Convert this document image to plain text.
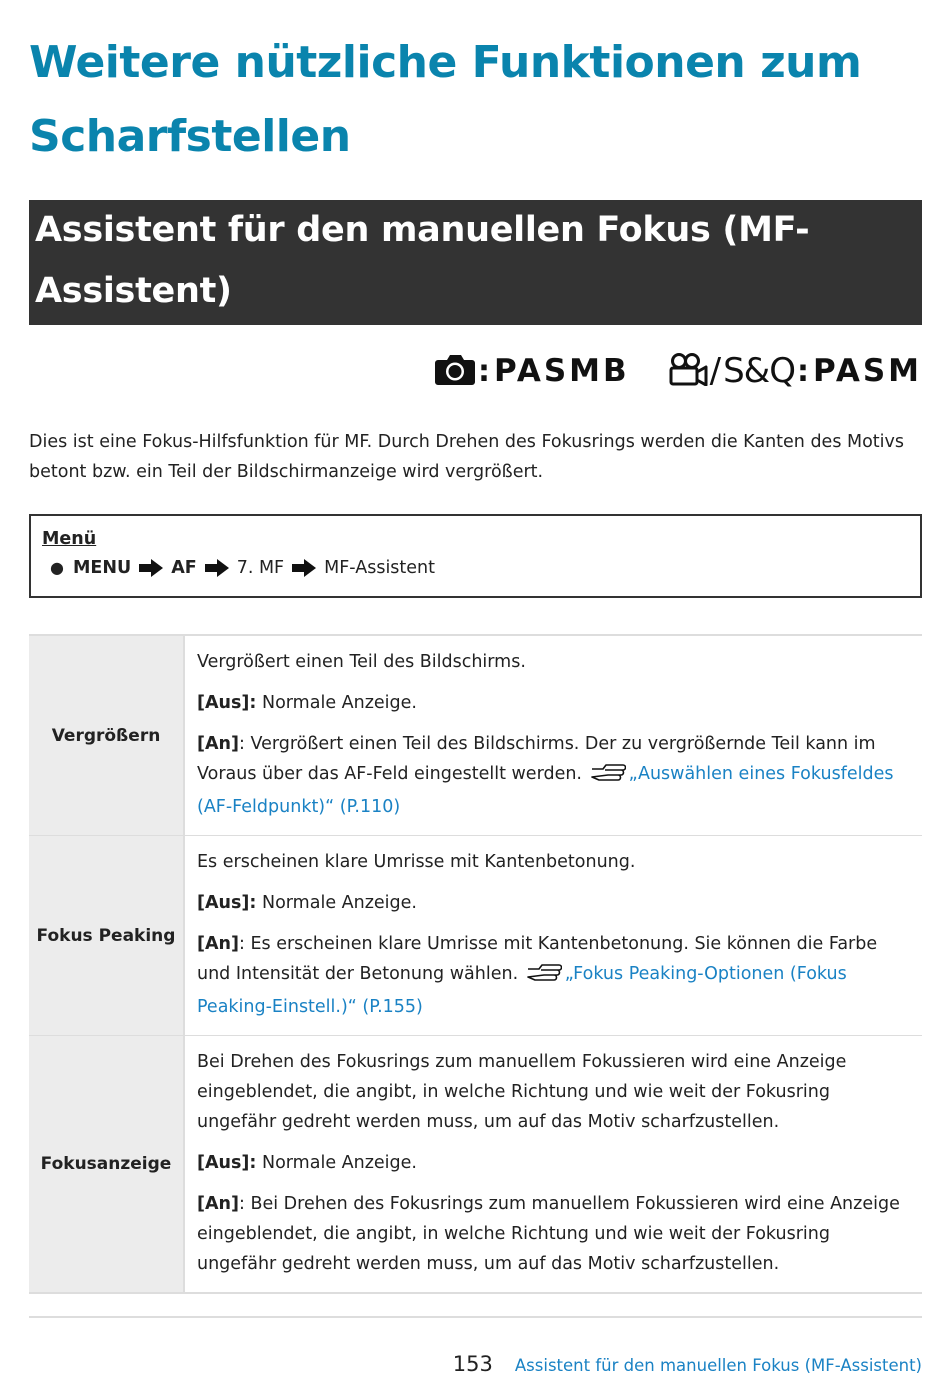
Weitere nützliche Funktionen zum Scharfstellen
Assistent für den manuellen Fokus (MF-Assistent)
: PASMB / S&Q : PASM

Dies ist eine Fokus-Hilfsfunktion für MF. Durch Drehen des Fokusrings werden die Kanten des Motivs betont bzw. ein Teil der Bildschirmanzeige wird vergrößert.

Menü
● MENU AF 7. MF MF-Assistent
Vergrößern	Vergrößert einen Teil des Bildschirms.

[Aus]: Normale Anzeige.

[An]: Vergrößert einen Teil des Bildschirms. Der zu vergrößernde Teil kann im Voraus über das AF-Feld eingestellt werden. „Auswählen eines Fokusfeldes (AF-Feldpunkt)“ (P.110)

Fokus Peaking	Es erscheinen klare Umrisse mit Kantenbetonung.

[Aus]: Normale Anzeige.

[An]: Es erscheinen klare Umrisse mit Kantenbetonung. Sie können die Farbe und Intensität der Betonung wählen. „Fokus Peaking-Optionen (Fokus Peaking-Einstell.)“ (P.155)

Fokusanzeige	Bei Drehen des Fokusrings zum manuellem Fokussieren wird eine Anzeige eingeblendet, die angibt, in welche Richtung und wie weit der Fokusring ungefähr gedreht werden muss, um auf das Motiv scharfzustellen.

[Aus]: Normale Anzeige.

[An]: Bei Drehen des Fokusrings zum manuellem Fokussieren wird eine Anzeige eingeblendet, die angibt, in welche Richtung und wie weit der Fokusring ungefähr gedreht werden muss, um auf das Motiv scharfzustellen.

153 Assistent für den manuellen Fokus (MF-Assistent)
